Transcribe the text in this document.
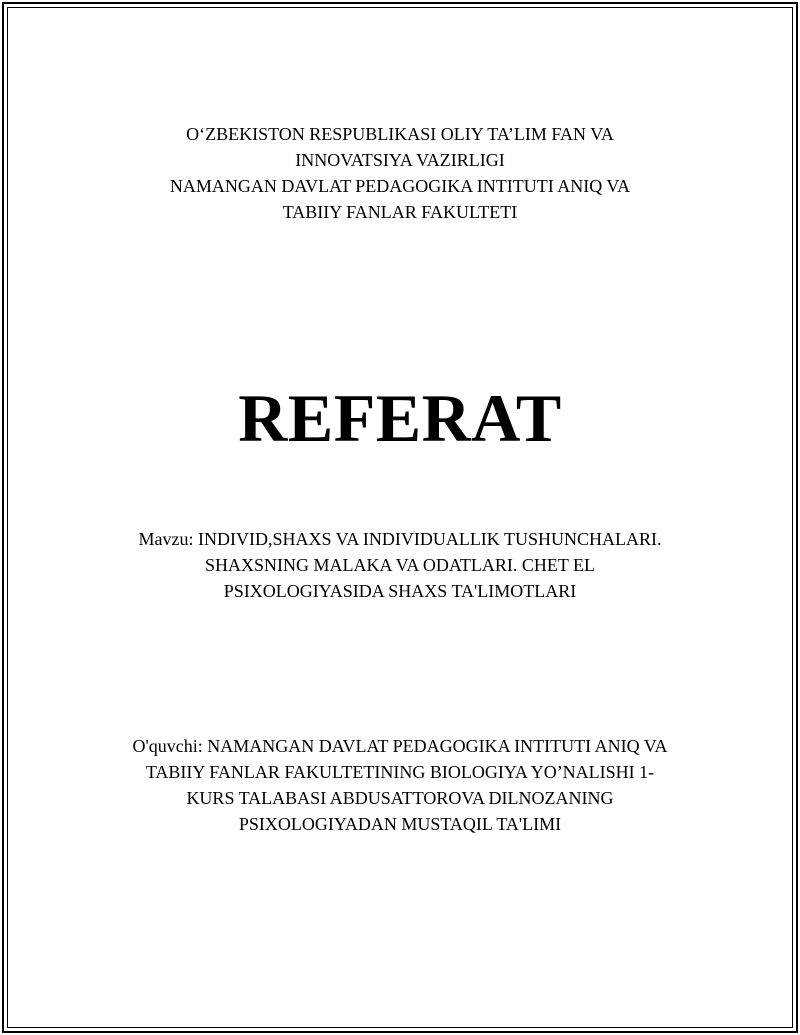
O‘ZBEKISTON RESPUBLIKASI OLIY TA’LIM FAN VA

INNOVATSIYA VAZIRLIGI

NAMANGAN DAVLAT PEDAGOGIKA INTITUTI ANIQ VA

TABIIY FANLAR FAKULTETI

REFERAT

Mavzu: INDIVID,SHAXS VA INDIVIDUALLIK TUSHUNCHALARI.

SHAXSNING MALAKA VA ODATLARI. CHET EL

PSIXOLOGIYASIDA SHAXS TA'LIMOTLARI

O'quvchi: NAMANGAN DAVLAT PEDAGOGIKA INTITUTI ANIQ VA

TABIIY FANLAR FAKULTETINING BIOLOGIYA YO’NALISHI 1-

KURS TALABASI ABDUSATTOROVA DILNOZANING

PSIXOLOGIYADAN MUSTAQIL TA'LIMI
